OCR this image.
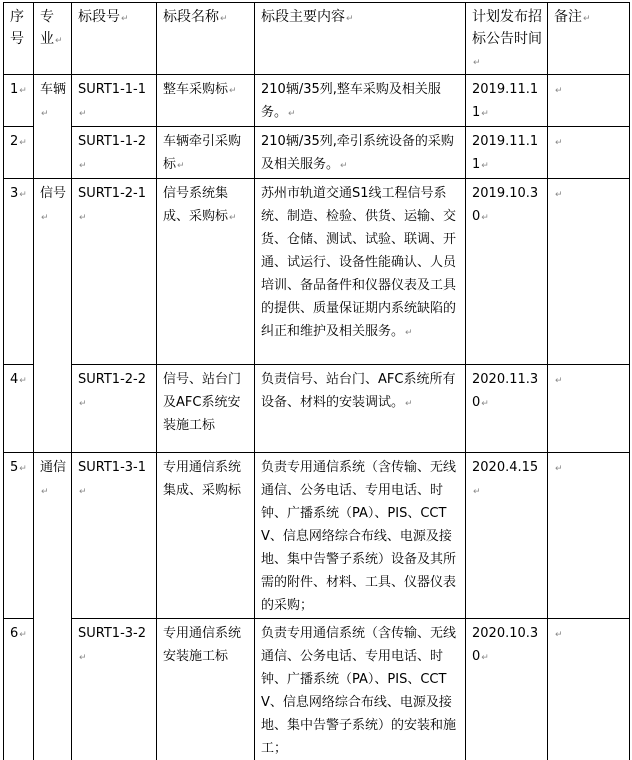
序号	专业↵	标段号↵	标段名称↵	标段主要内容↵	计划发布招标公告时间↵	备注↵
1↵	车辆↵	SURT1-1-1↵	整车采购标↵	210辆/35列,整车采购及相关服务。↵	2019.11.11↵	↵
2↵		SURT1-1-2↵	车辆牵引采购标↵	210辆/35列,牵引系统设备的采购及相关服务。↵	2019.11.11↵	↵
3↵	信号↵	SURT1-2-1↵	信号系统集成、采购标↵	苏州市轨道交通S1线工程信号系统、制造、检验、供货、运输、交货、仓储、测试、试验、联调、开通、试运行、设备性能确认、人员培训、备品备件和仪器仪表及工具的提供、质量保证期内系统缺陷的纠正和维护及相关服务。↵	2019.10.30↵	↵
4↵		SURT1-2-2↵	信号、站台门及AFC系统安装施工标	负责信号、站台门、AFC系统所有设备、材料的安装调试。↵	2020.11.30↵	↵
5↵	通信↵	SURT1-3-1↵	专用通信系统集成、采购标	负责专用通信系统（含传输、无线通信、公务电话、专用电话、时钟、广播系统（PA）、PIS、CCTV、信息网络综合布线、电源及接地、集中告警子系统）设备及其所需的附件、材料、工具、仪器仪表的采购；	2020.4.15↵	↵
6↵		SURT1-3-2↵	专用通信系统安装施工标	负责专用通信系统（含传输、无线通信、公务电话、专用电话、时钟、广播系统（PA）、PIS、CCTV、信息网络综合布线、电源及接地、集中告警子系统）的安装和施工；	2020.10.30↵	↵
